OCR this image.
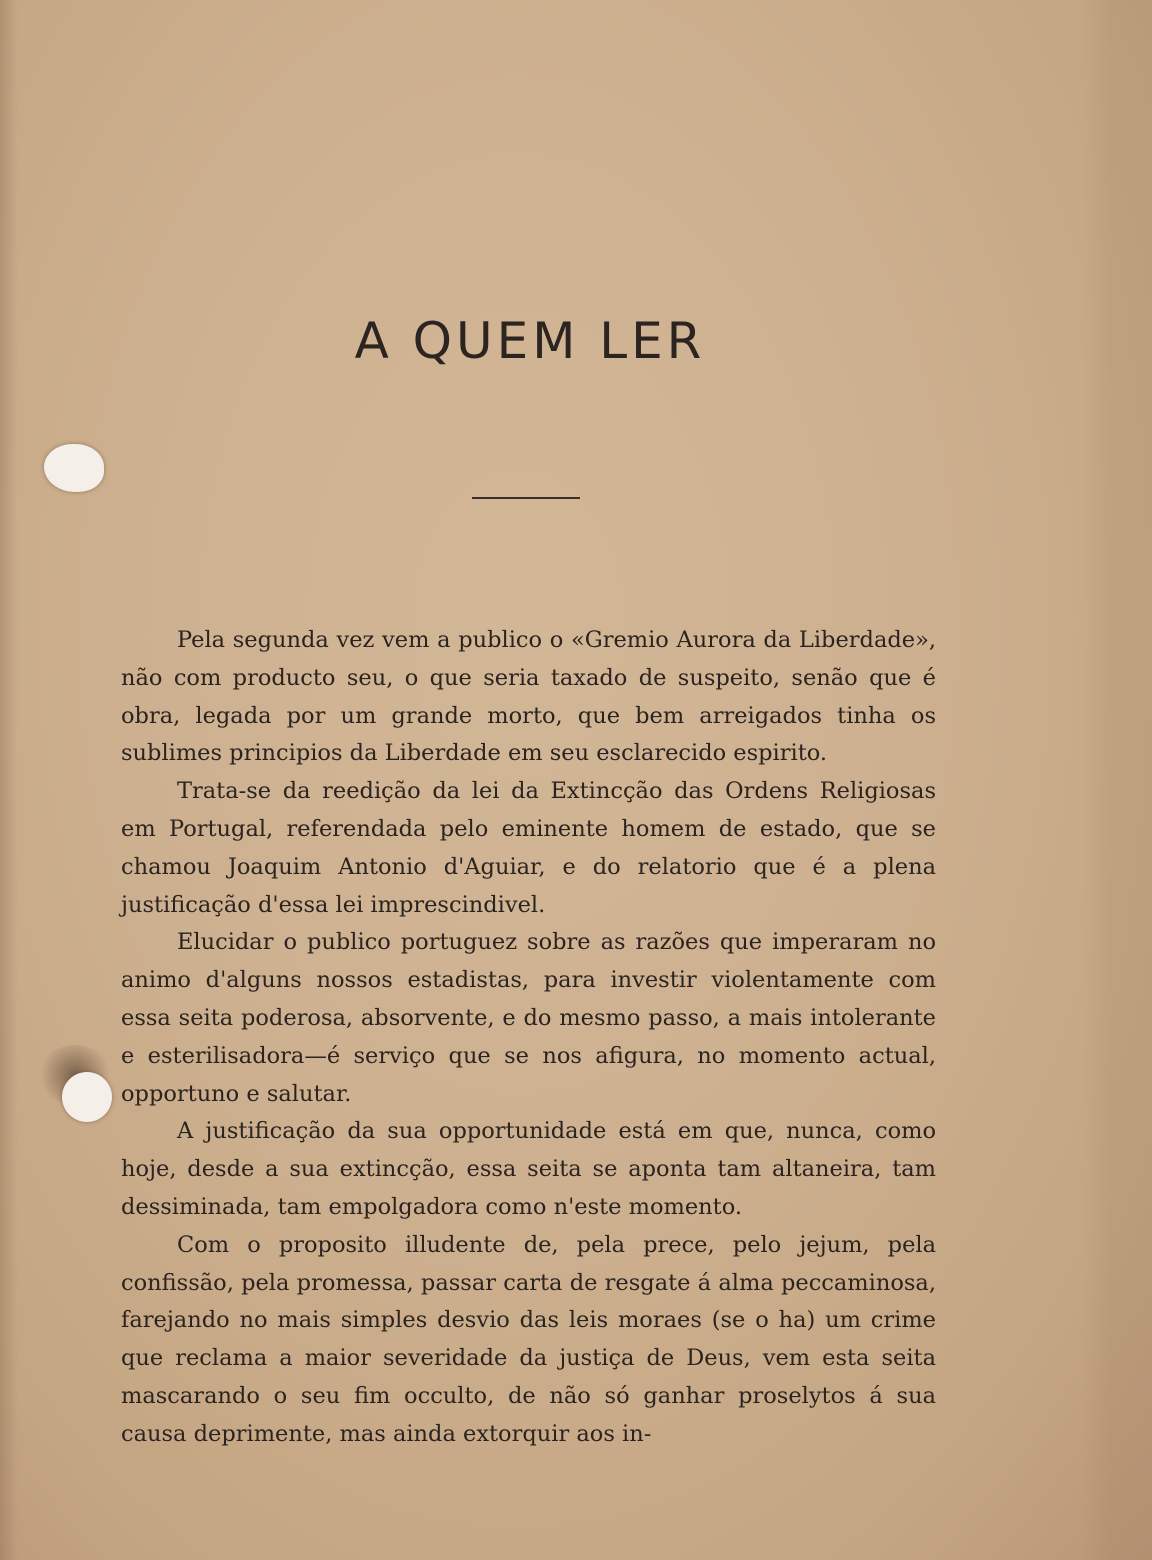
A QUEM LER

Pela segunda vez vem a publico o «Gremio Aurora da Liberdade», não com producto seu, o que seria taxado de suspeito, senão que é obra, legada por um grande morto, que bem arreigados tinha os sublimes principios da Liberdade em seu esclarecido espirito.

Trata-se da reedição da lei da Extincção das Ordens Religiosas em Portugal, referendada pelo eminente homem de estado, que se chamou Joaquim Antonio d'Aguiar, e do relatorio que é a plena justificação d'essa lei imprescindivel.

Elucidar o publico portuguez sobre as razões que imperaram no animo d'alguns nossos estadistas, para investir violentamente com essa seita poderosa, absorvente, e do mesmo passo, a mais intolerante e esterilisadora—é serviço que se nos afigura, no momento actual, opportuno e salutar.

A justificação da sua opportunidade está em que, nunca, como hoje, desde a sua extincção, essa seita se aponta tam altaneira, tam dessiminada, tam empolgadora como n'este momento.

Com o proposito illudente de, pela prece, pelo jejum, pela confissão, pela promessa, passar carta de resgate á alma peccaminosa, farejando no mais simples desvio das leis moraes (se o ha) um crime que reclama a maior severidade da justiça de Deus, vem esta seita mascarando o seu fim occulto, de não só ganhar proselytos á sua causa deprimente, mas ainda extorquir aos in-
